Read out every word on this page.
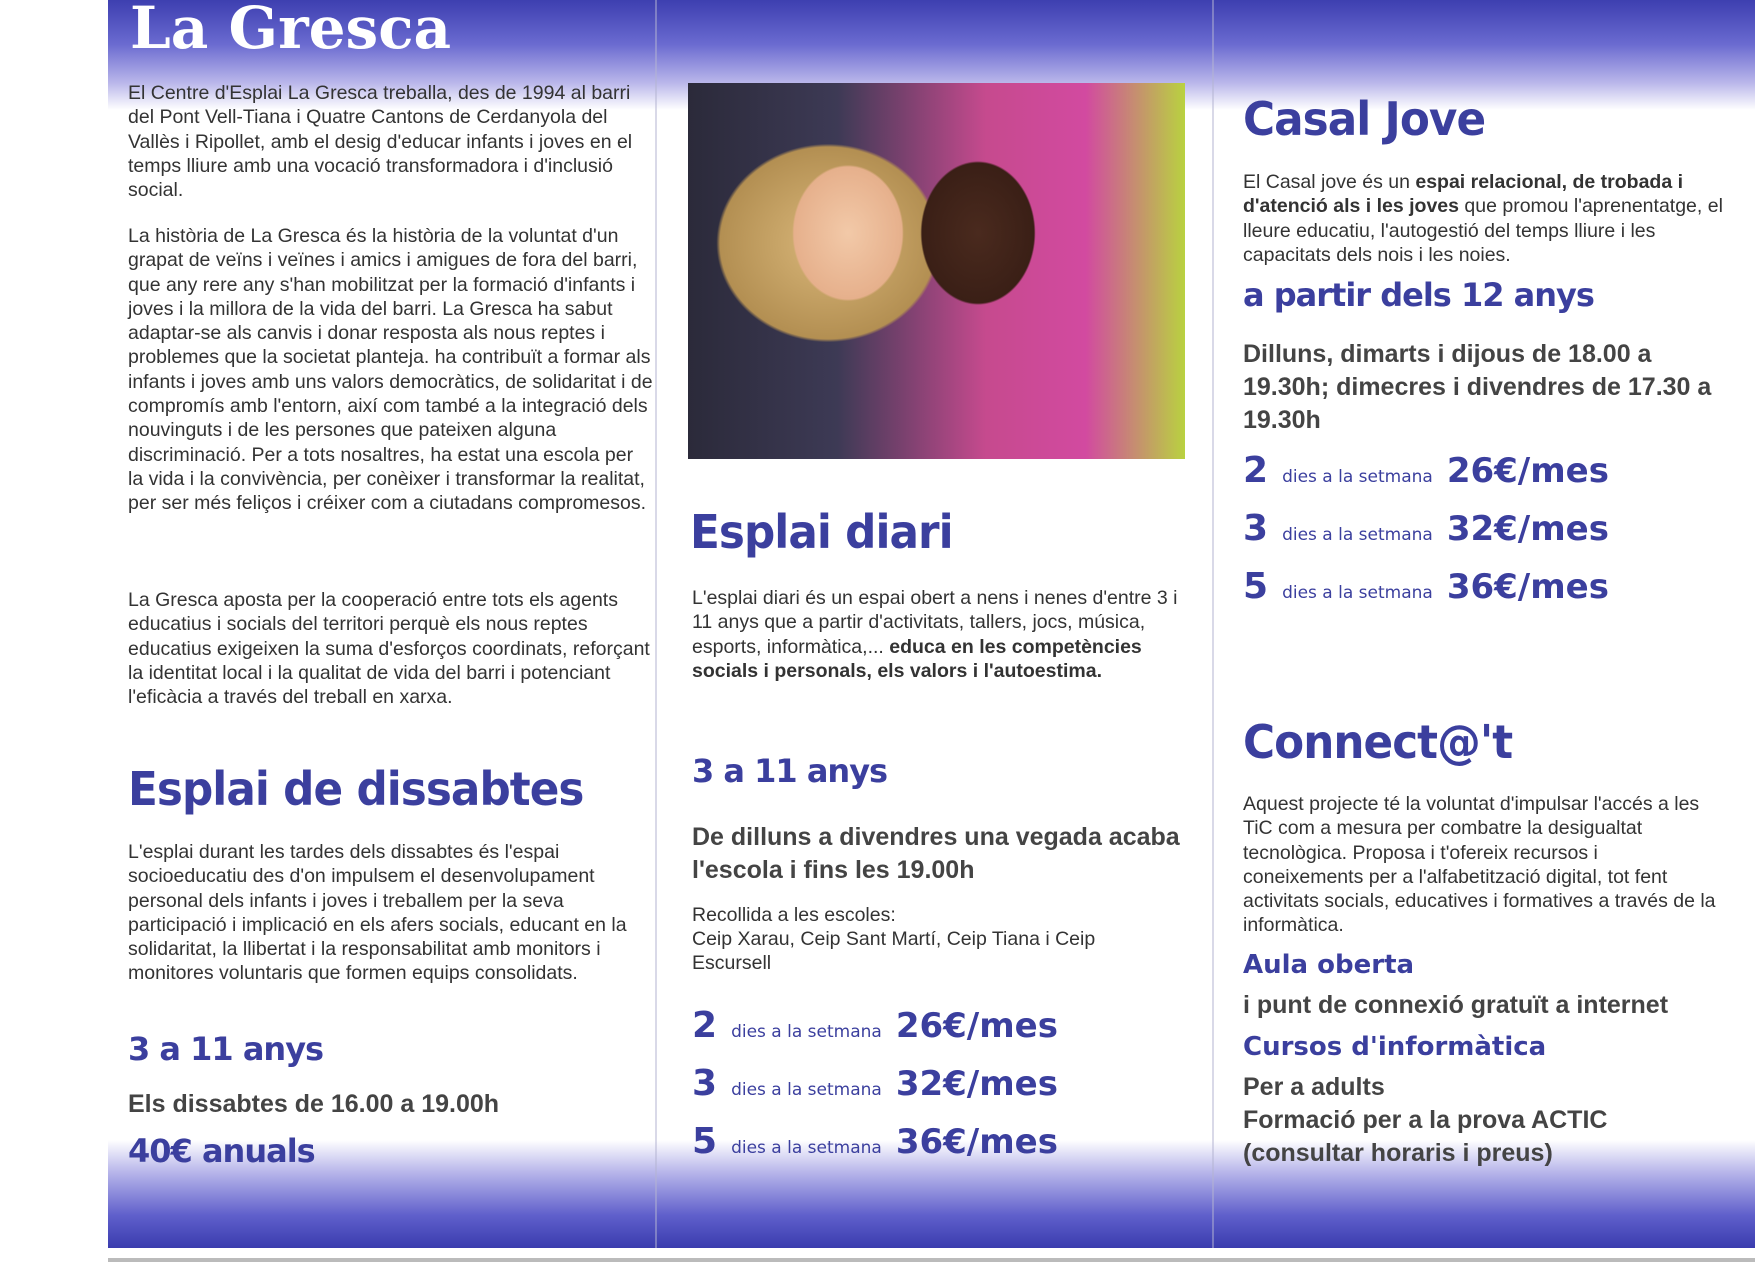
La Gresca
El Centre d'Esplai La Gresca treballa, des de 1994 al barri del Pont Vell-Tiana i Quatre Cantons de Cerdanyola del Vallès i Ripollet, amb el desig d'educar infants i joves en el temps lliure amb una vocació transformadora i d'inclusió social.
La història de La Gresca és la història de la voluntat d'un grapat de veïns i veïnes i amics i amigues de fora del barri, que any rere any s'han mobilitzat per la formació d'infants i joves i la millora de la vida del barri. La Gresca ha sabut adaptar-se als canvis i donar resposta als nous reptes i problemes que la societat planteja. ha contribuït a formar als infants i joves amb uns valors democràtics, de solidaritat i de compromís amb l'entorn, així com també a la integració dels nouvinguts i de les persones que pateixen alguna discriminació. Per a tots nosaltres, ha estat una escola per la vida i la convivència, per conèixer i transformar la realitat, per ser més feliços i créixer com a ciutadans compromesos.
La Gresca aposta per la cooperació entre tots els agents educatius i socials del territori perquè els nous reptes educatius exigeixen la suma d'esforços coordinats, reforçant la identitat local i la qualitat de vida del barri i potenciant l'eficàcia a través del treball en xarxa.
Esplai de dissabtes
L'esplai durant les tardes dels dissabtes és l'espai socioeducatiu des d'on impulsem el desenvolupament personal dels infants i joves i treballem per la seva participació i implicació en els afers socials, educant en la solidaritat, la llibertat i la responsabilitat amb monitors i monitores voluntaris que formen equips consolidats.
3 a 11 anys
Els dissabtes de 16.00 a 19.00h
40€ anuals
Esplai diari
L'esplai diari és un espai obert a nens i nenes d'entre 3 i 11 anys que a partir d'activitats, tallers, jocs, música, esports, informàtica,... educa en les competències socials i personals, els valors i l'autoestima.
3 a 11 anys
De dilluns a divendres una vegada acaba l'escola i fins les 19.00h
Recollida a les escoles:
Ceip Xarau, Ceip Sant Martí, Ceip Tiana i Ceip Escursell
2 dies a la setmana 26€/mes
3 dies a la setmana 32€/mes
5 dies a la setmana 36€/mes
Casal Jove
El Casal jove és un espai relacional, de trobada i d'atenció als i les joves que promou l'aprenentatge, el lleure educatiu, l'autogestió del temps lliure i les capacitats dels nois i les noies.
a partir dels 12 anys
Dilluns, dimarts i dijous de 18.00 a 19.30h; dimecres i divendres de 17.30 a 19.30h
2 dies a la setmana 26€/mes
3 dies a la setmana 32€/mes
5 dies a la setmana 36€/mes
Connect@'t
Aquest projecte té la voluntat d'impulsar l'accés a les TiC com a mesura per combatre la desigualtat tecnològica. Proposa i t'ofereix recursos i coneixements per a l'alfabetització digital, tot fent activitats socials, educatives i formatives a través de la informàtica.
Aula oberta
i punt de connexió gratuït a internet
Cursos d'informàtica
Per a adults
Formació per a la prova ACTIC
(consultar horaris i preus)
